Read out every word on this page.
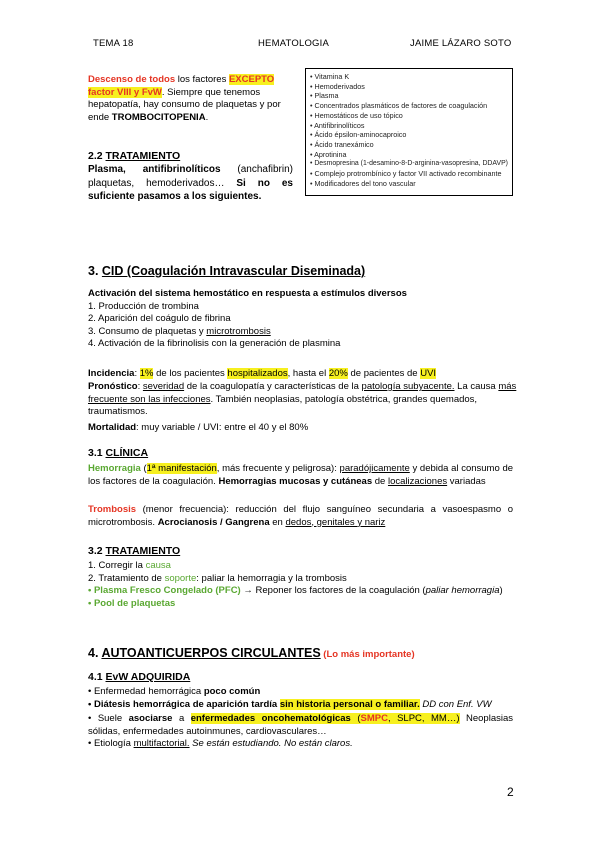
TEMA 18	HEMATOLOGIA	JAIME LÁZARO SOTO
Descenso de todos los factores EXCEPTO factor VIII y FvW. Siempre que tenemos hepatopatía, hay consumo de plaquetas y por ende TROMBOCITOPENIA.
2.2 TRATAMIENTO
Plasma, antifibrinolíticos (anchafibrin) plaquetas, hemoderivados… Si no es suficiente pasamos a los siguientes.
• Vitamina K
• Hemoderivados
• Plasma
• Concentrados plasmáticos de factores de coagulación
• Hemostáticos de uso tópico
• Antifibrinolíticos
• Ácido épsilon-aminocaproico
• Ácido tranexámico
• Aprotinina
• Desmopresina (1-desamino-8-D-arginina-vasopresina, DDAVP)
• Complejo protrombínico y factor VII activado recombinante
• Modificadores del tono vascular
3. CID (Coagulación Intravascular Diseminada)
Activación del sistema hemostático en respuesta a estímulos diversos
1. Producción de trombina
2. Aparición del coágulo de fibrina
3. Consumo de plaquetas y microtrombosis
4. Activación de la fibrinolisis con la generación de plasmina
Incidencia: 1% de los pacientes hospitalizados, hasta el 20% de pacientes de UVI
Pronóstico: severidad de la coagulopatía y características de la patología subyacente. La causa más frecuente son las infecciones. También neoplasias, patología obstétrica, grandes quemados, traumatismos.
Mortalidad: muy variable / UVI: entre el 40 y el 80%
3.1 CLÍNICA
Hemorragia (1ª manifestación, más frecuente y peligrosa): paradójicamente y debida al consumo de los factores de la coagulación. Hemorragias mucosas y cutáneas de localizaciones variadas
Trombosis (menor frecuencia): reducción del flujo sanguíneo secundaria a vasoespasmo o microtrombosis. Acrocianosis / Gangrena en dedos, genitales y nariz
3.2 TRATAMIENTO
1. Corregir la causa
2. Tratamiento de soporte: paliar la hemorragia y la trombosis
• Plasma Fresco Congelado (PFC) → Reponer los factores de la coagulación (paliar hemorragia)
• Pool de plaquetas
4. AUTOANTICUERPOS CIRCULANTES (Lo más importante)
4.1 EvW ADQUIRIDA
• Enfermedad hemorrágica poco común
• Diátesis hemorrágica de aparición tardía sin historia personal o familiar. DD con Enf. VW
• Suele asociarse a enfermedades oncohematológicas (SMPC, SLPC, MM…) Neoplasias sólidas, enfermedades autoinmunes, cardiovasculares…
• Etiología multifactorial. Se están estudiando. No están claros.
2
